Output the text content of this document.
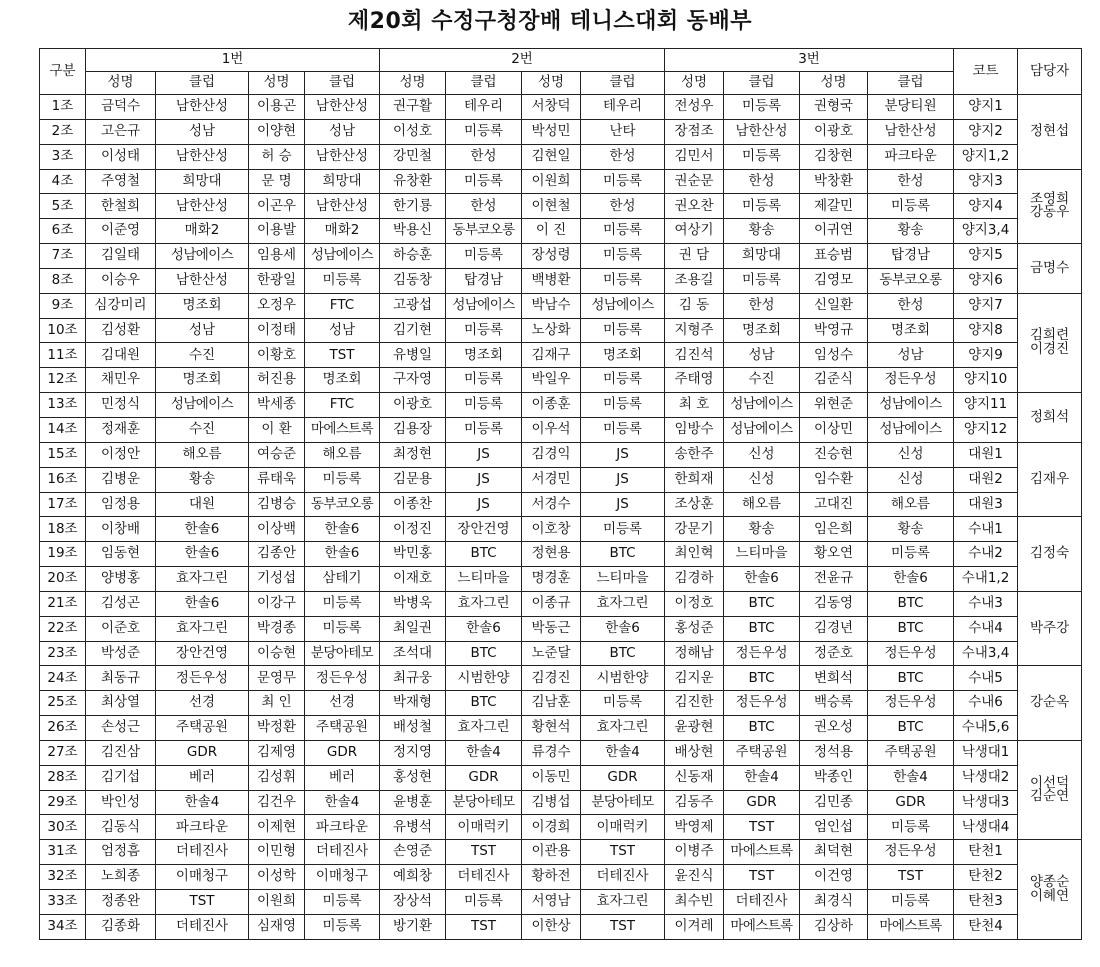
제20회 수정구청장배 테니스대회 동배부
구분	1번				2번				3번				코트	담당자
	성명	클럽	성명	클럽	성명	클럽	성명	클럽	성명	클럽	성명	클럽		
1조	금덕수	남한산성	이용곤	남한산성	권구활	테우리	서창덕	테우리	전성우	미등록	권형국	분당티원	양지1	정현섭

2조	고은규	성남	이양현	성남	이성호	미등록	박성민	난타	장점조	남한산성	이광호	남한산성	양지2	
3조	이성태	남한산성	허 승	남한산성	강민철	한성	김현일	한성	김민서	미등록	김창현	파크타운	양지1,2	
4조	주영철	희망대	문 명	희망대	유창환	미등록	이원희	미등록	권순문	한성	박창환	한성	양지3	조영희
강동우

5조	한철희	남한산성	이곤우	남한산성	한기룡	한성	이현철	한성	권오찬	미등록	제갈민	미등록	양지4	
6조	이준영	매화2	이용발	매화2	박용신	동부코오롱	이 진	미등록	여상기	황송	이귀연	황송	양지3,4	
7조	김일태	성남에이스	임용세	성남에이스	하승훈	미등록	장성령	미등록	권 담	희망대	표승범	탑경남	양지5	금명수

8조	이승우	남한산성	한광일	미등록	김동창	탑경남	백병환	미등록	조용길	미등록	김영모	동부코오롱	양지6	
9조	심강미리	명조회	오정우	FTC	고광섭	성남에이스	박남수	성남에이스	김 동	한성	신일환	한성	양지7	김희련
이경진

10조	김성환	성남	이정태	성남	김기현	미등록	노상화	미등록	지형주	명조회	박영규	명조회	양지8	
11조	김대원	수진	이황호	TST	유병일	명조회	김재구	명조회	김진석	성남	임성수	성남	양지9	
12조	채민우	명조회	허진용	명조회	구자영	미등록	박일우	미등록	주태영	수진	김준식	정든우성	양지10	
13조	민정식	성남에이스	박세종	FTC	이광호	미등록	이종훈	미등록	최 호	성남에이스	위현준	성남에이스	양지11	정희석

14조	정재훈	수진	이 환	마에스트록	김용장	미등록	이우석	미등록	임방수	성남에이스	이상민	성남에이스	양지12	
15조	이정안	해오름	여승준	해오름	최정현	JS	김경익	JS	송한주	신성	진승현	신성	대원1	김재우

16조	김병운	황송	류태욱	미등록	김문용	JS	서경민	JS	한희재	신성	임수환	신성	대원2	
17조	임정용	대원	김병승	동부코오롱	이종찬	JS	서경수	JS	조상훈	해오름	고대진	해오름	대원3	
18조	이창배	한솔6	이상백	한솔6	이정진	장안건영	이호창	미등록	강문기	황송	임은희	황송	수내1	김정숙

19조	임동현	한솔6	김종안	한솔6	박민홍	BTC	정현용	BTC	최인혁	느티마을	황오연	미등록	수내2	
20조	양병홍	효자그린	기성섭	삼테기	이재호	느티마을	명경훈	느티마을	김경하	한솔6	전윤규	한솔6	수내1,2	
21조	김성곤	한솔6	이강구	미등록	박병욱	효자그린	이종규	효자그린	이정호	BTC	김동영	BTC	수내3	박주강

22조	이준호	효자그린	박경종	미등록	최일권	한솔6	박동근	한솔6	홍성준	BTC	김경년	BTC	수내4	
23조	박성준	장안건영	이승현	분당아테모	조석대	BTC	노준달	BTC	정해남	정든우성	정준호	정든우성	수내3,4	
24조	최동규	정든우성	문영무	정든우성	최규웅	시범한양	김경진	시범한양	김지운	BTC	변희석	BTC	수내5	강순옥

25조	최상열	선경	최 인	선경	박재형	BTC	김남훈	미등록	김진한	정든우성	백승록	정든우성	수내6	
26조	손성근	주택공원	박정환	주택공원	배성철	효자그린	황현석	효자그린	윤광현	BTC	권오성	BTC	수내5,6	
27조	김진삼	GDR	김제영	GDR	정지영	한솔4	류경수	한솔4	배상현	주택공원	정석용	주택공원	낙생대1	이선덕
김순연

28조	김기섭	베러	김성휘	베러	홍성현	GDR	이동민	GDR	신동재	한솔4	박종인	한솔4	낙생대2	
29조	박인성	한솔4	김건우	한솔4	윤병훈	분당아테모	김병섭	분당아테모	김동주	GDR	김민종	GDR	낙생대3	
30조	김동식	파크타운	이제현	파크타운	유병석	이매럭키	이경희	이매럭키	박영제	TST	엄인섭	미등록	낙생대4	
31조	엄정흠	더테진사	이민형	더테진사	손영준	TST	이관용	TST	이병주	마에스트록	최덕현	정든우성	탄천1	양종순
이혜연

32조	노희종	이매청구	이성학	이매청구	예희창	더테진사	황하전	더테진사	윤진식	TST	이건영	TST	탄천2	
33조	정종완	TST	이원희	미등록	장상석	미등록	서영남	효자그린	최수빈	더테진사	최경식	미등록	탄천3	
34조	김종화	더테진사	심재영	미등록	방기환	TST	이한상	TST	이겨레	마에스트록	김상하	마에스트록	탄천4	
